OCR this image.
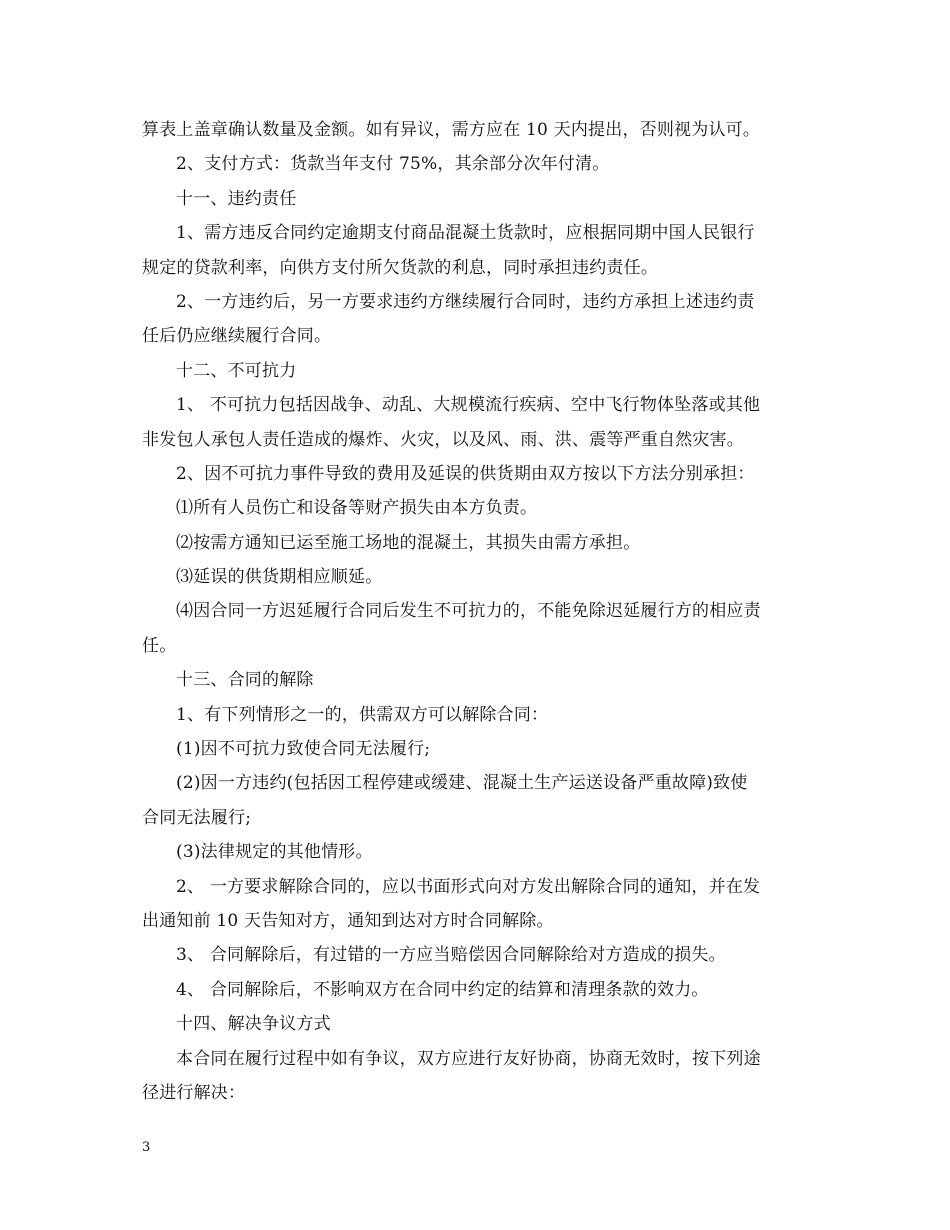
算表上盖章确认数量及金额。如有异议，需方应在 10 天内提出，否则视为认可。
2、支付方式：货款当年支付 75%，其余部分次年付清。
十一、违约责任
1、需方违反合同约定逾期支付商品混凝土货款时，应根据同期中国人民银行
规定的贷款利率，向供方支付所欠货款的利息，同时承担违约责任。
2、一方违约后，另一方要求违约方继续履行合同时，违约方承担上述违约责
任后仍应继续履行合同。
十二、不可抗力
1、 不可抗力包括因战争、动乱、大规模流行疾病、空中飞行物体坠落或其他
非发包人承包人责任造成的爆炸、火灾，以及风、雨、洪、震等严重自然灾害。
2、因不可抗力事件导致的费用及延误的供货期由双方按以下方法分别承担：
⑴所有人员伤亡和设备等财产损失由本方负责。
⑵按需方通知已运至施工场地的混凝土，其损失由需方承担。
⑶延误的供货期相应顺延。
⑷因合同一方迟延履行合同后发生不可抗力的，不能免除迟延履行方的相应责
任。
十三、合同的解除
1、有下列情形之一的，供需双方可以解除合同：
(1)因不可抗力致使合同无法履行;
(2)因一方违约(包括因工程停建或缓建、混凝土生产运送设备严重故障)致使
合同无法履行;
(3)法律规定的其他情形。
2、 一方要求解除合同的，应以书面形式向对方发出解除合同的通知，并在发
出通知前 10 天告知对方，通知到达对方时合同解除。
3、 合同解除后，有过错的一方应当赔偿因合同解除给对方造成的损失。
4、 合同解除后，不影响双方在合同中约定的结算和清理条款的效力。
十四、解决争议方式
本合同在履行过程中如有争议，双方应进行友好协商，协商无效时，按下列途
径进行解决：
3
